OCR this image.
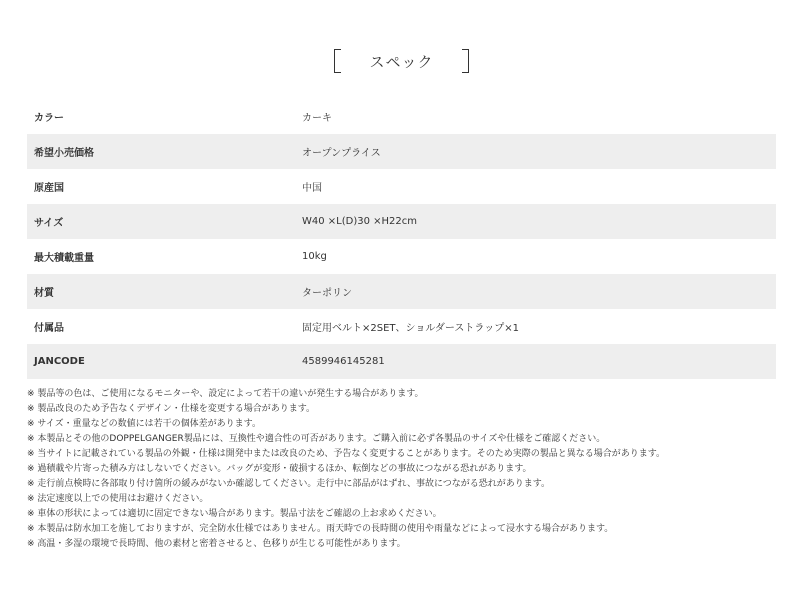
スペック
カラー	カーキ
希望小売価格	オープンプライス
原産国	中国
サイズ	W40 ×L(D)30 ×H22cm
最大積載重量	10kg
材質	ターポリン
付属品	固定用ベルト×2SET、ショルダーストラップ×1
JANCODE	4589946145281
※ 製品等の色は、ご使用になるモニターや、設定によって若干の違いが発生する場合があります。
※ 製品改良のため予告なくデザイン・仕様を変更する場合があります。
※ サイズ・重量などの数値には若干の個体差があります。
※ 本製品とその他のDOPPELGANGER製品には、互換性や適合性の可否があります。ご購入前に必ず各製品のサイズや仕様をご確認ください。
※ 当サイトに記載されている製品の外観・仕様は開発中または改良のため、予告なく変更することがあります。そのため実際の製品と異なる場合があります。
※ 過積載や片寄った積み方はしないでください。バッグが変形・破損するほか、転倒などの事故につながる恐れがあります。
※ 走行前点検時に各部取り付け箇所の緩みがないか確認してください。走行中に部品がはずれ、事故につながる恐れがあります。
※ 法定速度以上での使用はお避けください。
※ 車体の形状によっては適切に固定できない場合があります。製品寸法をご確認の上お求めください。
※ 本製品は防水加工を施しておりますが、完全防水仕様ではありません。雨天時での長時間の使用や雨量などによって浸水する場合があります。
※ 高温・多湿の環境で長時間、他の素材と密着させると、色移りが生じる可能性があります。
